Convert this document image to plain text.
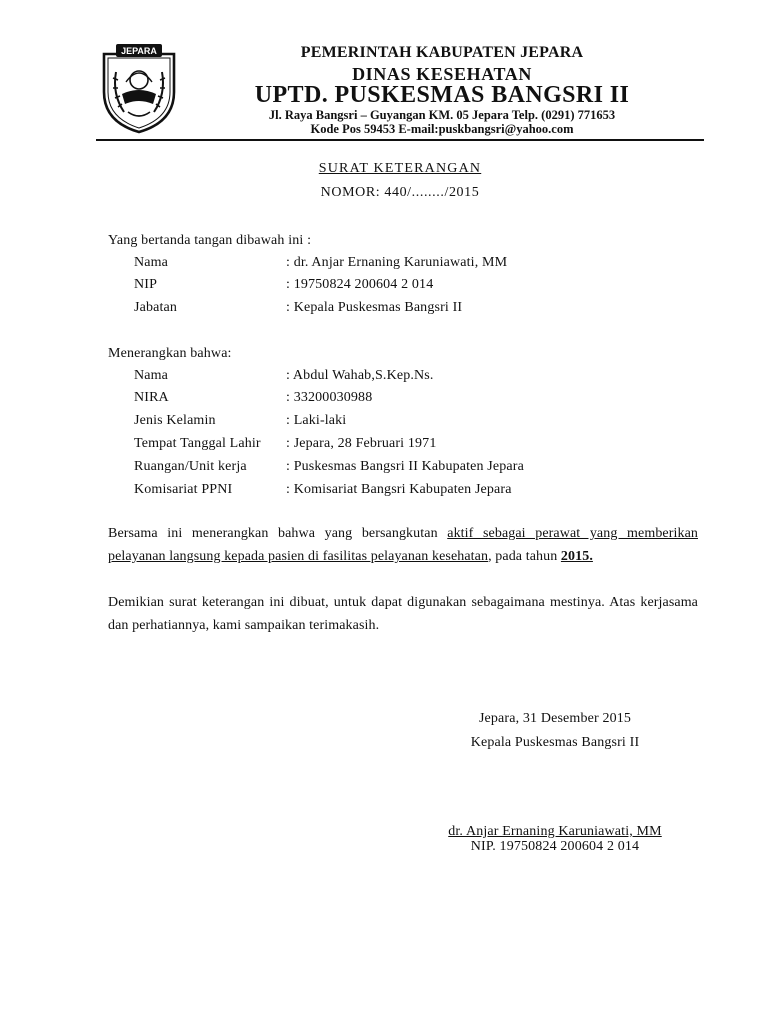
JEPARA	PEMERINTAH KABUPATEN JEPARA
DINAS KESEHATAN
UPTD. PUSKESMAS BANGSRI II
Jl. Raya Bangsri – Guyangan KM. 05 Jepara Telp. (0291) 771653
Kode Pos 59453 E-mail:puskbangsri@yahoo.com
SURAT KETERANGAN
NOMOR: 440/......../2015
Yang bertanda tangan dibawah ini :
Nama	: dr. Anjar Ernaning Karuniawati, MM
NIP	: 19750824 200604 2 014
Jabatan	: Kepala Puskesmas Bangsri II
Menerangkan bahwa:
Nama	: Abdul Wahab,S.Kep.Ns.
NIRA	: 33200030988
Jenis Kelamin	: Laki-laki
Tempat Tanggal Lahir : Jepara, 28 Februari 1971
Ruangan/Unit kerja	: Puskesmas Bangsri II Kabupaten Jepara
Komisariat PPNI	: Komisariat Bangsri Kabupaten Jepara
Bersama ini menerangkan bahwa yang bersangkutan aktif sebagai perawat yang memberikan pelayanan langsung kepada pasien di fasilitas pelayanan kesehatan, pada tahun 2015.
Demikian surat keterangan ini dibuat, untuk dapat digunakan sebagaimana mestinya. Atas kerjasama dan perhatiannya, kami sampaikan terimakasih.
Jepara, 31 Desember 2015
Kepala Puskesmas Bangsri II
dr. Anjar Ernaning Karuniawati, MM
NIP. 19750824 200604 2 014
